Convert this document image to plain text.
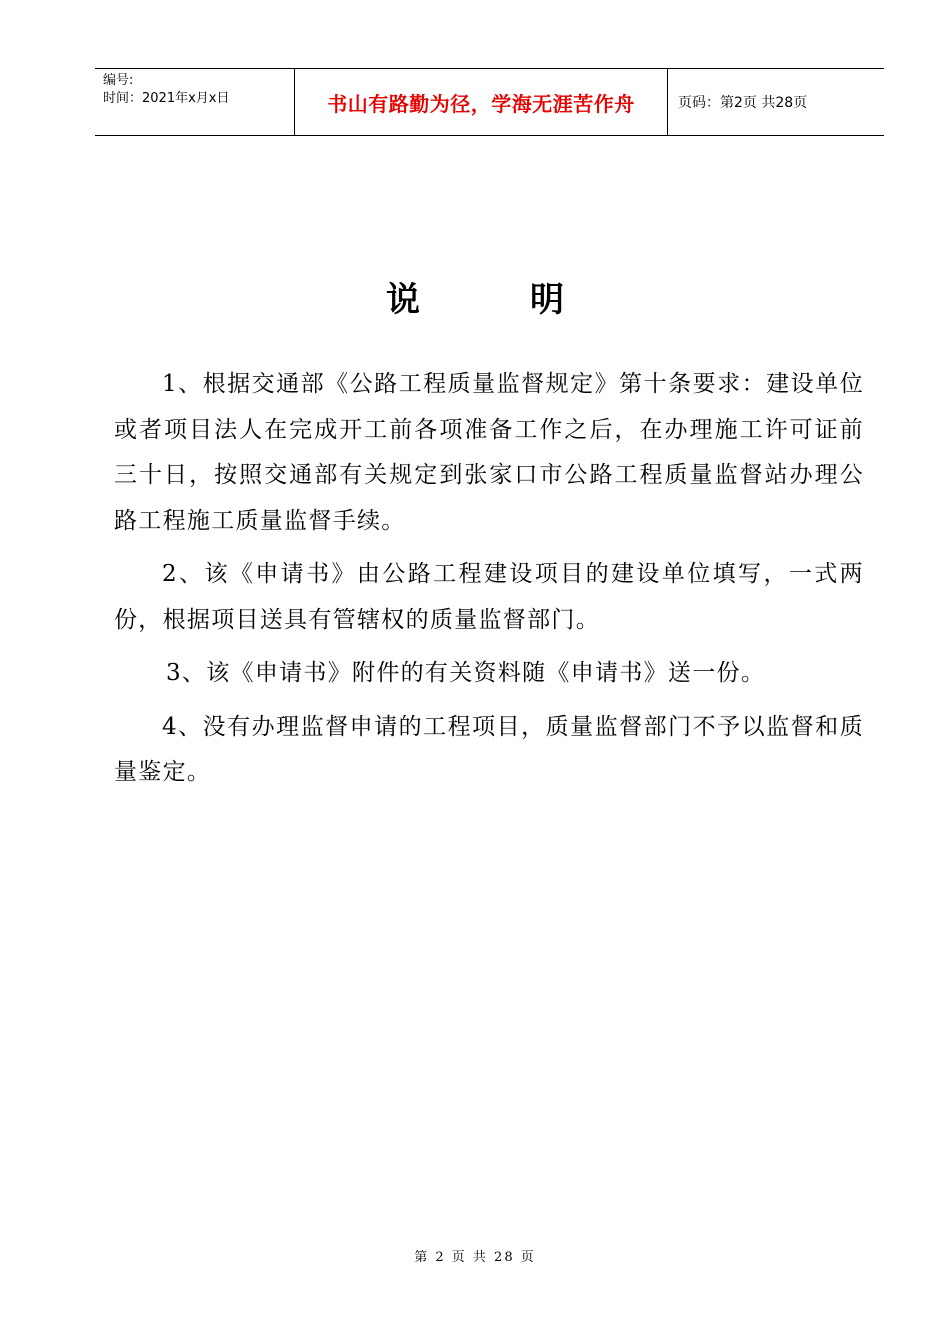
编号:
时间：2021年x月x日	书山有路勤为径，学海无涯苦作舟	页码：第2页 共28页
说	明

1、根据交通部《公路工程质量监督规定》第十条要求：建设单位或者项目法人在完成开工前各项准备工作之后，在办理施工许可证前三十日，按照交通部有关规定到张家口市公路工程质量监督站办理公路工程施工质量监督手续。

2、该《申请书》由公路工程建设项目的建设单位填写，一式两份，根据项目送具有管辖权的质量监督部门。

3、该《申请书》附件的有关资料随《申请书》送一份。

4、没有办理监督申请的工程项目，质量监督部门不予以监督和质量鉴定。

第 2 页 共 28 页
